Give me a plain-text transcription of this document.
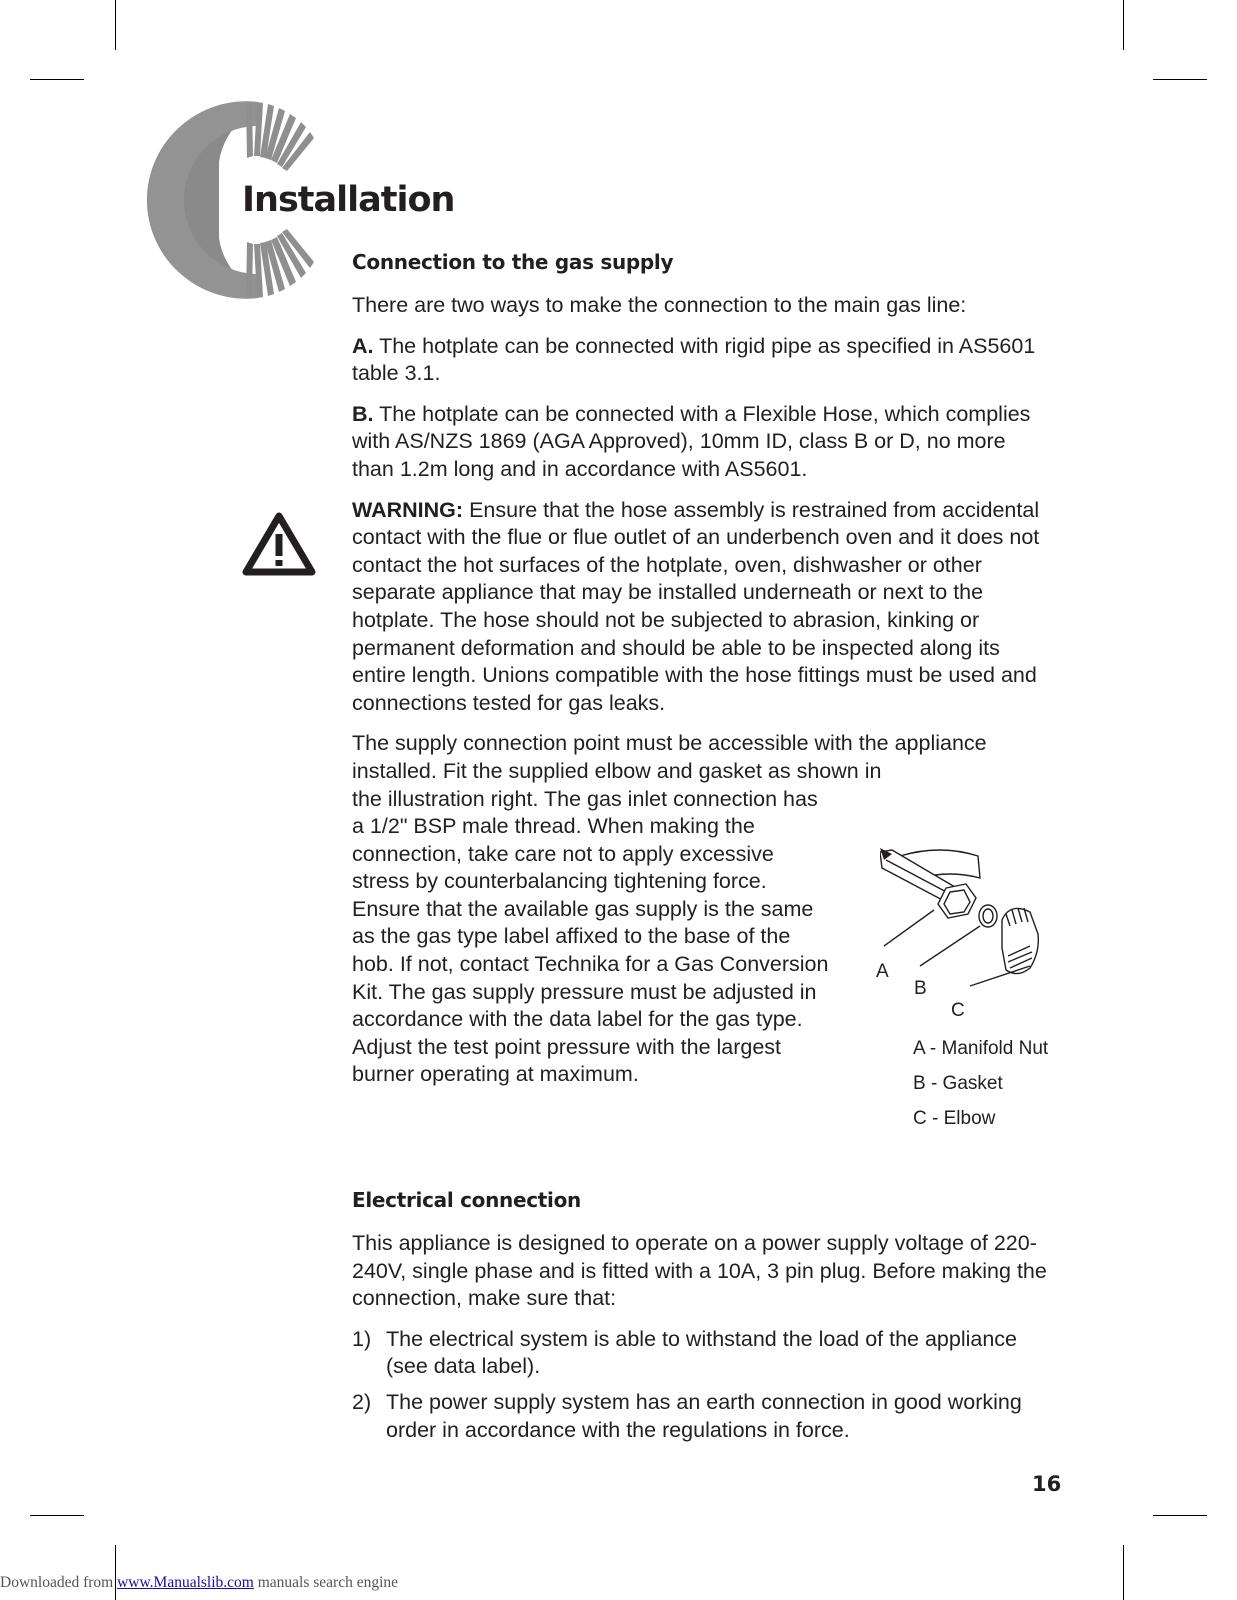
Installation
Connection to the gas supply

There are two ways to make the connection to the main gas line:

A. The hotplate can be connected with rigid pipe as specified in AS5601 table 3.1.

B. The hotplate can be connected with a Flexible Hose, which complies with AS/NZS 1869 (AGA Approved), 10mm ID, class B or D, no more than 1.2m long and in accordance with AS5601.

WARNING: Ensure that the hose assembly is restrained from accidental contact with the flue or flue outlet of an underbench oven and it does not contact the hot surfaces of the hotplate, oven, dishwasher or other separate appliance that may be installed underneath or next to the hotplate. The hose should not be subjected to abrasion, kinking or permanent deformation and should be able to be inspected along its entire length. Unions compatible with the hose fittings must be used and connections tested for gas leaks.

The supply connection point must be accessible with the appliance installed. Fit the supplied elbow and gasket as shown in

the illustration right. The gas inlet connection has a 1/2" BSP male thread. When making the connection, take care not to apply excessive stress by counterbalancing tightening force. Ensure that the available gas supply is the same as the gas type label affixed to the base of the hob. If not, contact Technika for a Gas Conversion Kit. The gas supply pressure must be adjusted in accordance with the data label for the gas type. Adjust the test point pressure with the largest burner operating at maximum.
A
B
C
A - Manifold Nut
B - Gasket
C - Elbow
Electrical connection

This appliance is designed to operate on a power supply voltage of 220-240V, single phase and is fitted with a 10A, 3 pin plug. Before making the connection, make sure that:

1) The electrical system is able to withstand the load of the appliance (see data label).
2) The power supply system has an earth connection in good working order in accordance with the regulations in force.
16
Downloaded from www.Manualslib.com manuals search engine
